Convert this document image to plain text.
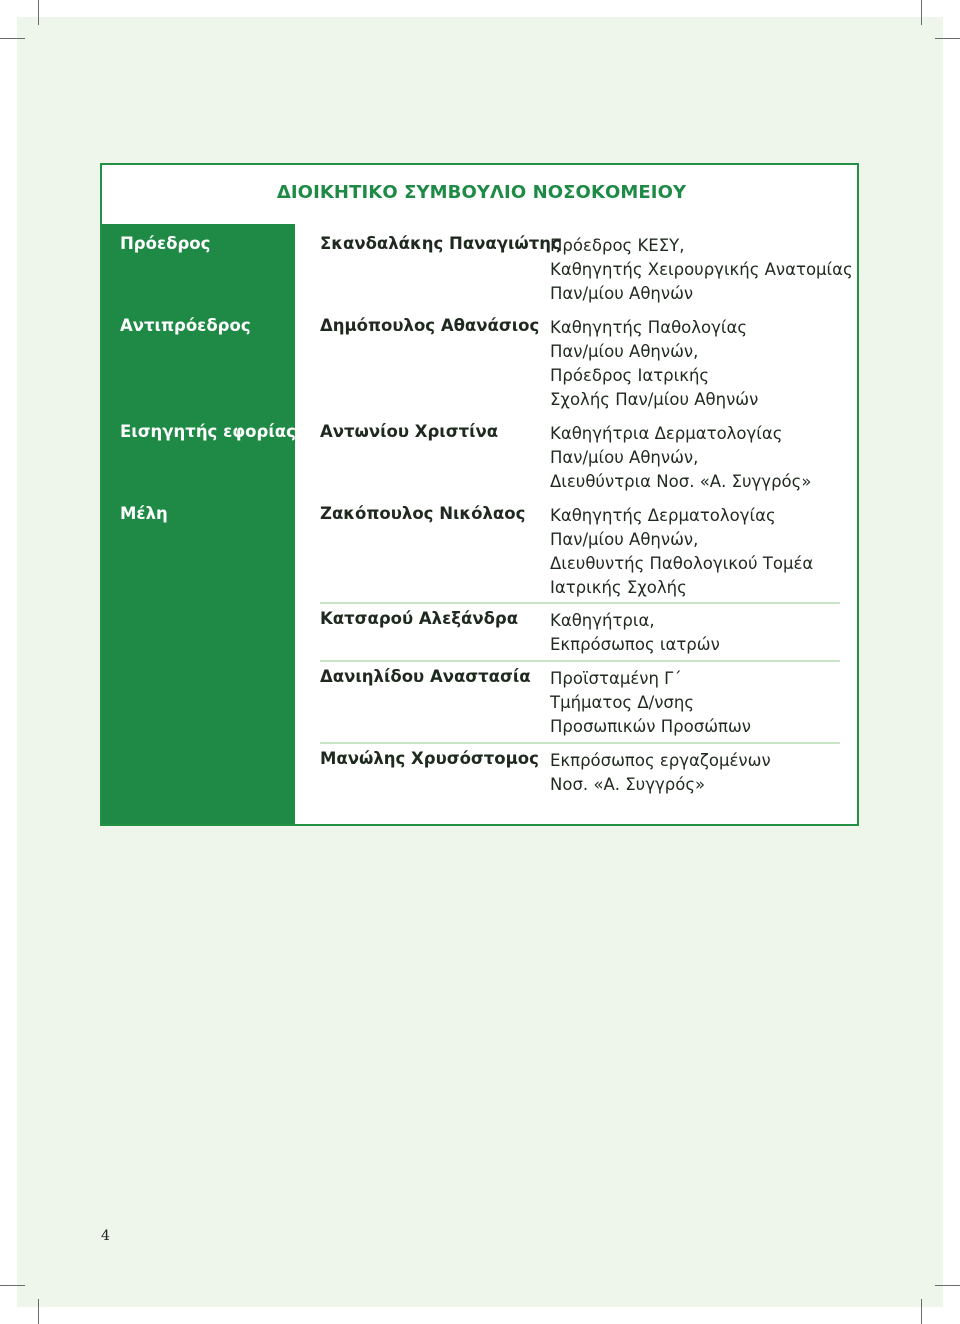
ΔΙΟΙΚΗΤΙΚΟ ΣΥΜΒΟΥΛΙΟ ΝΟΣΟΚΟΜΕΙΟΥ
Πρόεδρος
Αντιπρόεδρος
Εισηγητής εφορίας
Μέλη
Σκανδαλάκης Παναγιώτης
Πρόεδρος ΚΕΣΥ,
Καθηγητής Χειρουργικής Ανατομίας
Παν/μίου Αθηνών
Δημόπουλος Αθανάσιος Καθηγητής Παθολογίας
Παν/μίου Αθηνών,
Πρόεδρος Ιατρικής
Σχολής Παν/μίου Αθηνών
Αντωνίου Χριστίνα	Καθηγήτρια Δερματολογίας
Παν/μίου Αθηνών,
Διευθύντρια Νοσ. «Α. Συγγρός»
Ζακόπουλος Νικόλαος Καθηγητής Δερματολογίας
Παν/μίου Αθηνών,
Διευθυντής Παθολογικού Τομέα
Ιατρικής Σχολής
Κατσαρού Αλεξάνδρα Καθηγήτρια,
Εκπρόσωπος ιατρών
Δανιηλίδου Αναστασία Προϊσταμένη Γ΄
Τμήματος Δ/νσης
Προσωπικών Προσώπων
Μανώλης Χρυσόστομος Εκπρόσωπος εργαζομένων
Νοσ. «Α. Συγγρός»
4
